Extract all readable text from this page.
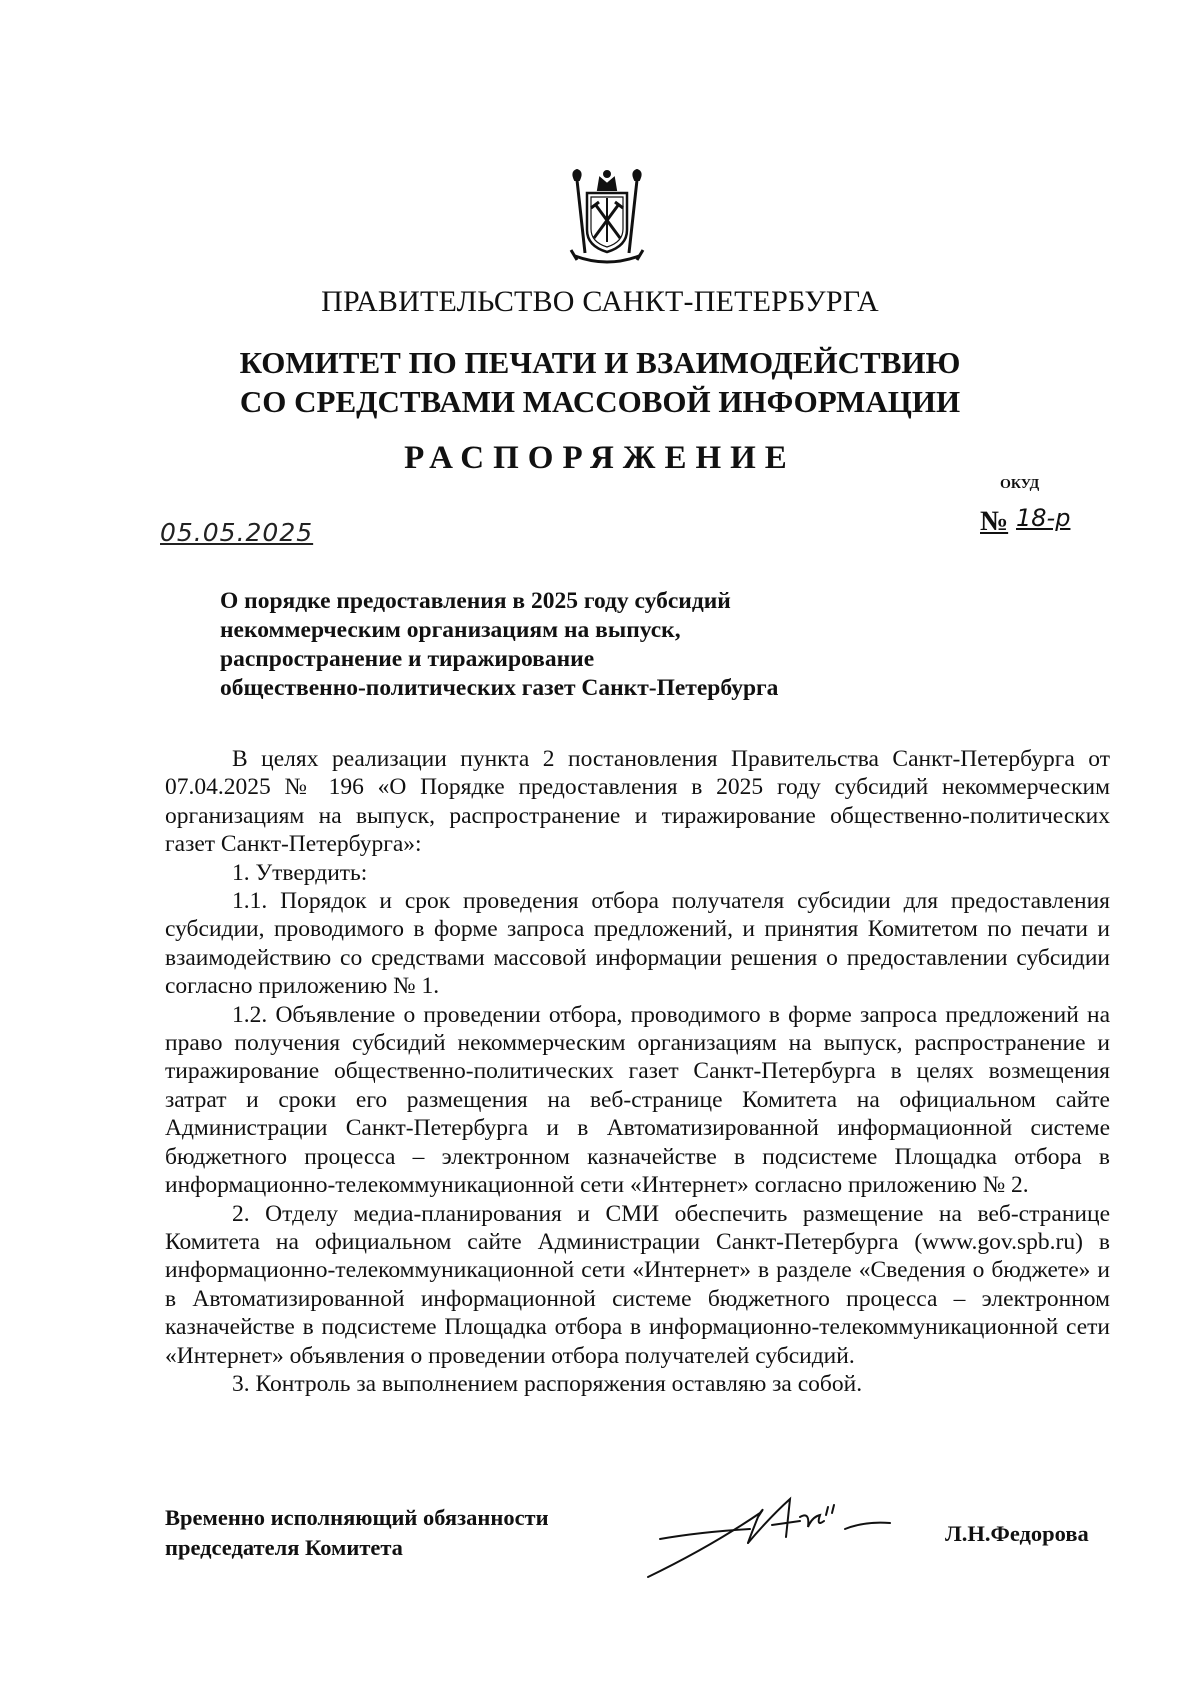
ПРАВИТЕЛЬСТВО САНКТ-ПЕТЕРБУРГА
КОМИТЕТ ПО ПЕЧАТИ И ВЗАИМОДЕЙСТВИЮ
СО СРЕДСТВАМИ МАССОВОЙ ИНФОРМАЦИИ
РАСПОРЯЖЕНИЕ
ОКУД
05.05.2025	№ 18-р
О порядке предоставления в 2025 году субсидий
некоммерческим организациям на выпуск,
распространение и тиражирование
общественно-политических газет Санкт-Петербурга

В целях реализации пункта 2 постановления Правительства Санкт-Петербурга от 07.04.2025 № 196 «О Порядке предоставления в 2025 году субсидий некоммерческим организациям на выпуск, распространение и тиражирование общественно-политических газет Санкт-Петербурга»:

1. Утвердить:

1.1. Порядок и срок проведения отбора получателя субсидии для предоставления субсидии, проводимого в форме запроса предложений, и принятия Комитетом по печати и взаимодействию со средствами массовой информации решения о предоставлении субсидии согласно приложению № 1.

1.2. Объявление о проведении отбора, проводимого в форме запроса предложений на право получения субсидий некоммерческим организациям на выпуск, распространение и тиражирование общественно-политических газет Санкт-Петербурга в целях возмещения затрат и сроки его размещения на веб-странице Комитета на официальном сайте Администрации Санкт-Петербурга и в Автоматизированной информационной системе бюджетного процесса – электронном казначействе в подсистеме Площадка отбора в информационно-телекоммуникационной сети «Интернет» согласно приложению № 2.

2. Отделу медиа-планирования и СМИ обеспечить размещение на веб-странице Комитета на официальном сайте Администрации Санкт-Петербурга (www.gov.spb.ru) в информационно-телекоммуникационной сети «Интернет» в разделе «Сведения о бюджете» и в Автоматизированной информационной системе бюджетного процесса – электронном казначействе в подсистеме Площадка отбора в информационно-телекоммуникационной сети «Интернет» объявления о проведении отбора получателей субсидий.

3. Контроль за выполнением распоряжения оставляю за собой.

Временно исполняющий обязанности
председателя Комитета
Л.Н.Федорова
